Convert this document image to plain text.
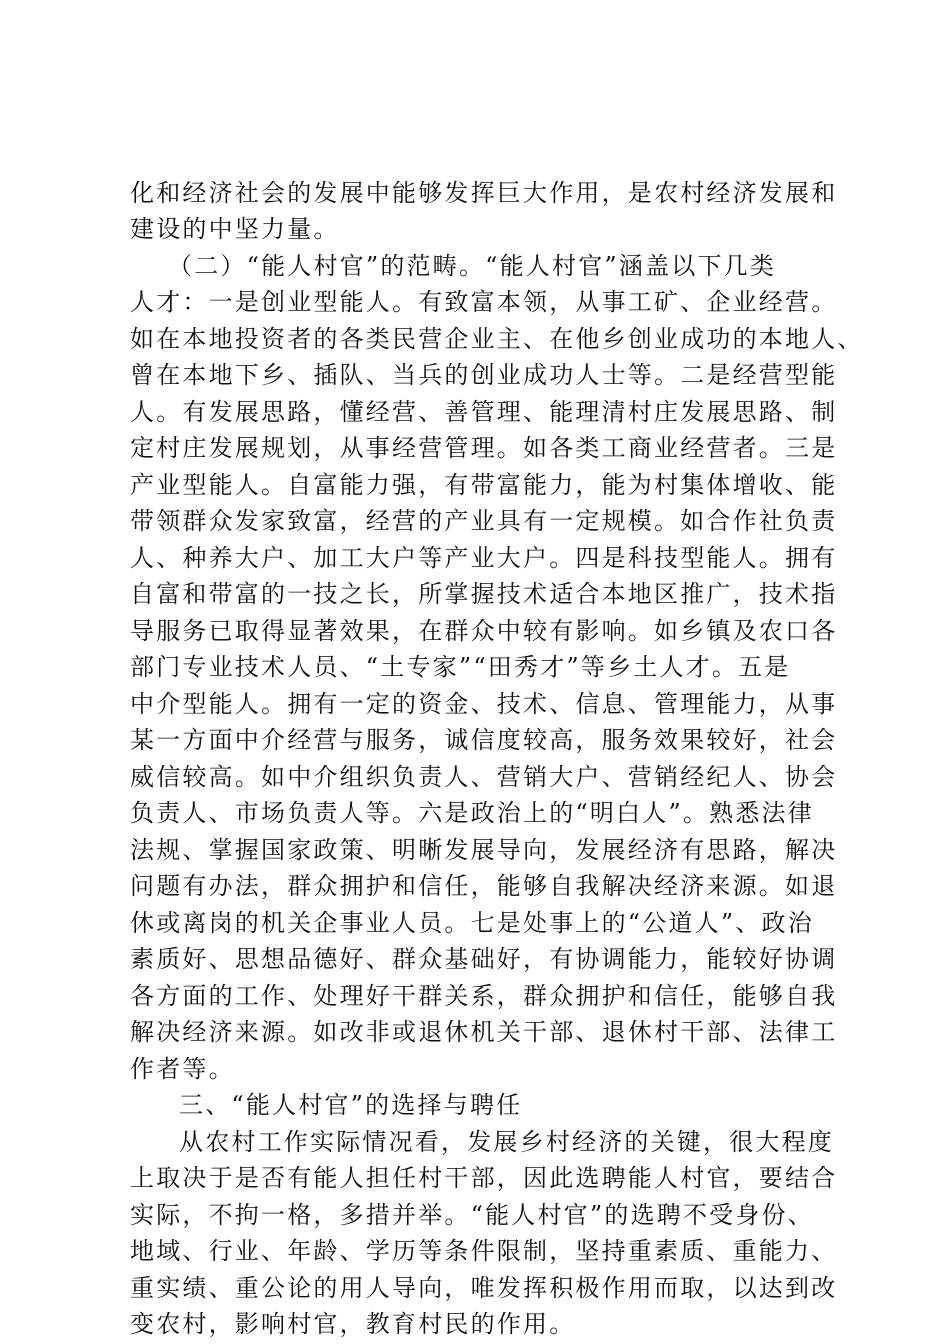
化和经济社会的发展中能够发挥巨大作用，是农村经济发展和
建设的中坚力量。
（二）“能人村官”的范畴。“能人村官”涵盖以下几类
人才：一是创业型能人。有致富本领，从事工矿、企业经营。
如在本地投资者的各类民营企业主、在他乡创业成功的本地人、
曾在本地下乡、插队、当兵的创业成功人士等。二是经营型能
人。有发展思路，懂经营、善管理、能理清村庄发展思路、制
定村庄发展规划，从事经营管理。如各类工商业经营者。三是
产业型能人。自富能力强，有带富能力，能为村集体增收、能
带领群众发家致富，经营的产业具有一定规模。如合作社负责
人、种养大户、加工大户等产业大户。四是科技型能人。拥有
自富和带富的一技之长，所掌握技术适合本地区推广，技术指
导服务已取得显著效果，在群众中较有影响。如乡镇及农口各
部门专业技术人员、“土专家”“田秀才”等乡土人才。五是
中介型能人。拥有一定的资金、技术、信息、管理能力，从事
某一方面中介经营与服务，诚信度较高，服务效果较好，社会
威信较高。如中介组织负责人、营销大户、营销经纪人、协会
负责人、市场负责人等。六是政治上的“明白人”。熟悉法律
法规、掌握国家政策、明晰发展导向，发展经济有思路，解决
问题有办法，群众拥护和信任，能够自我解决经济来源。如退
休或离岗的机关企事业人员。七是处事上的“公道人”、政治
素质好、思想品德好、群众基础好，有协调能力，能较好协调
各方面的工作、处理好干群关系，群众拥护和信任，能够自我
解决经济来源。如改非或退休机关干部、退休村干部、法律工
作者等。
三、“能人村官”的选择与聘任
从农村工作实际情况看，发展乡村经济的关键，很大程度
上取决于是否有能人担任村干部，因此选聘能人村官，要结合
实际，不拘一格，多措并举。“能人村官”的选聘不受身份、
地域、行业、年龄、学历等条件限制，坚持重素质、重能力、
重实绩、重公论的用人导向，唯发挥积极作用而取，以达到改
变农村，影响村官，教育村民的作用。
